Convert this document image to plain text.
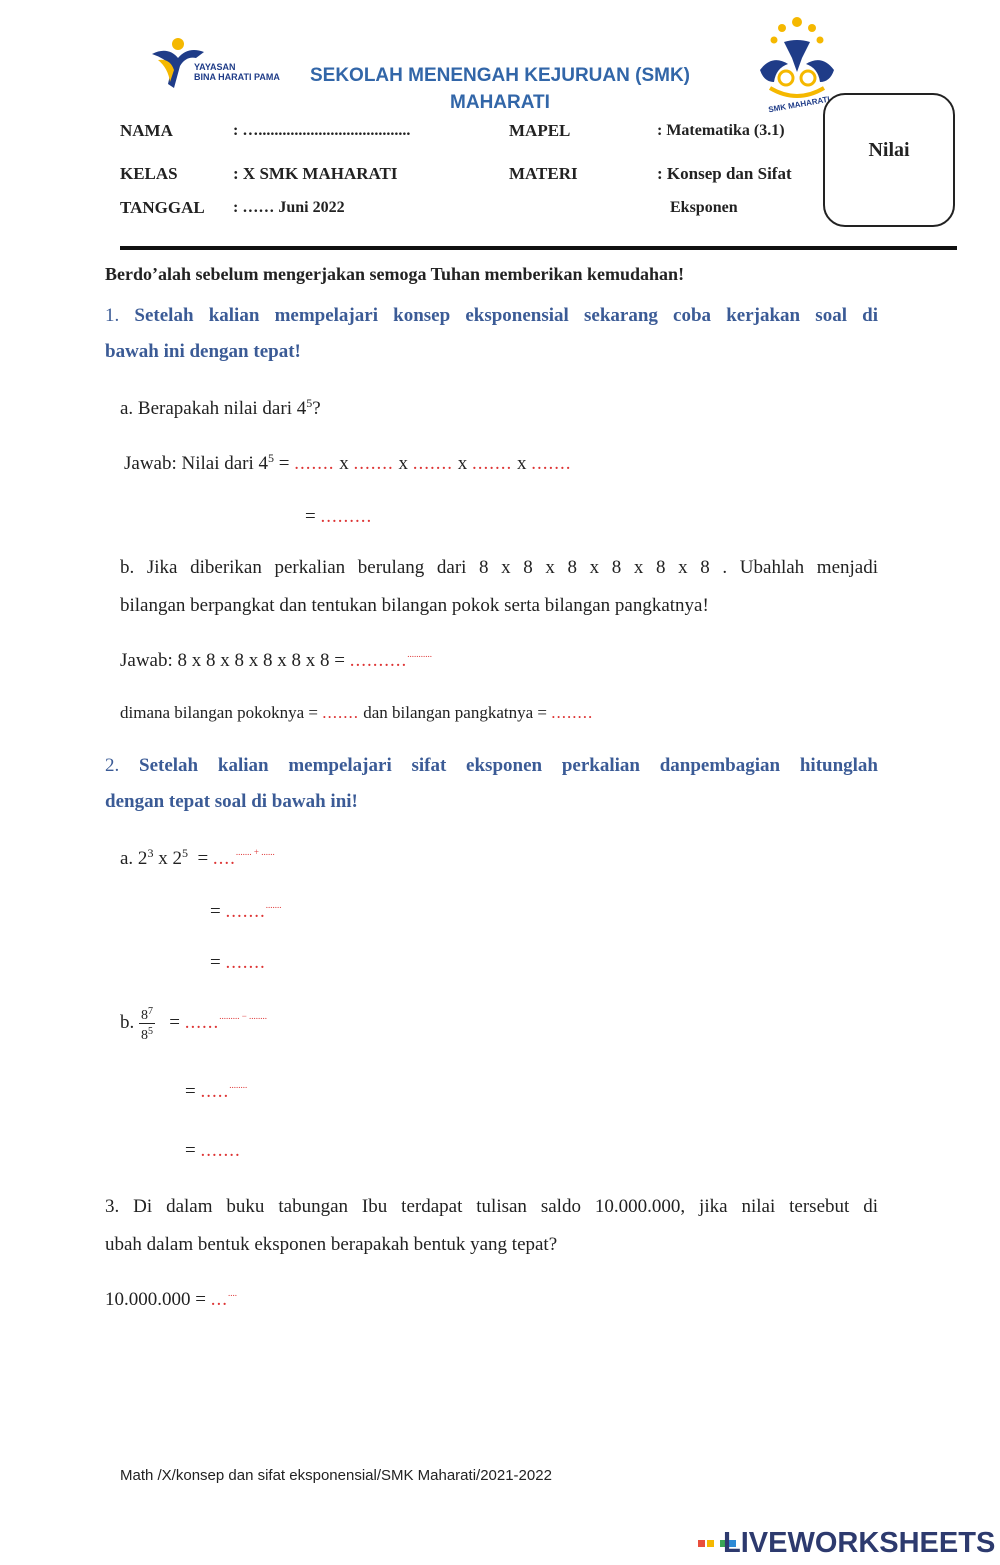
YAYASAN
BINA HARATI PAMA	SEKOLAH MENENGAH KEJURUAN (SMK)
MAHARATI	SMK MAHARATI
Nilai
NAMA	: …......................................	MAPEL	: Matematika (3.1)
KELAS	: X SMK MAHARATI	MATERI	: Konsep dan Sifat
TANGGAL : …… Juni 2022	Eksponen
Berdo’alah sebelum mengerjakan semoga Tuhan memberikan kemudahan!
1. Setelah kalian mempelajari konsep eksponensial sekarang coba kerjakan soal di
bawah ini dengan tepat!
a. Berapakah nilai dari $4^5$?
Jawab: Nilai dari $4^5$ = ....... x ....... x ....... x ....... x .......
= .........
b. Jika diberikan perkalian berulang dari 8 x 8 x 8 x 8 x 8 x 8 . Ubahlah menjadi
bilangan berpangkat dan tentukan bilangan pokok serta bilangan pangkatnya!
Jawab: 8 x 8 x 8 x 8 x 8 x 8 = .....................
dimana bilangan pokoknya = ....... dan bilangan pangkatnya = ........
2. Setelah kalian mempelajari sifat eksponen perkalian danpembagian hitunglah
dengan tepat soal di bawah ini!
a. $2^3$ x $2^5 = ....^{....... + ......}$
= ..............
= .......
b. $\frac{8^7}{8^5} = ......^{......... - ........}$
= .............
= .......
3. Di dalam buku tabungan Ibu terdapat tulisan saldo 10.000.000, jika nilai tersebut di
ubah dalam bentuk eksponen berapakah bentuk yang tepat?
10.000.000 = .......
Math /X/konsep dan sifat eksponensial/SMK Maharati/2021-2022
LIVEWORKSHEETS
